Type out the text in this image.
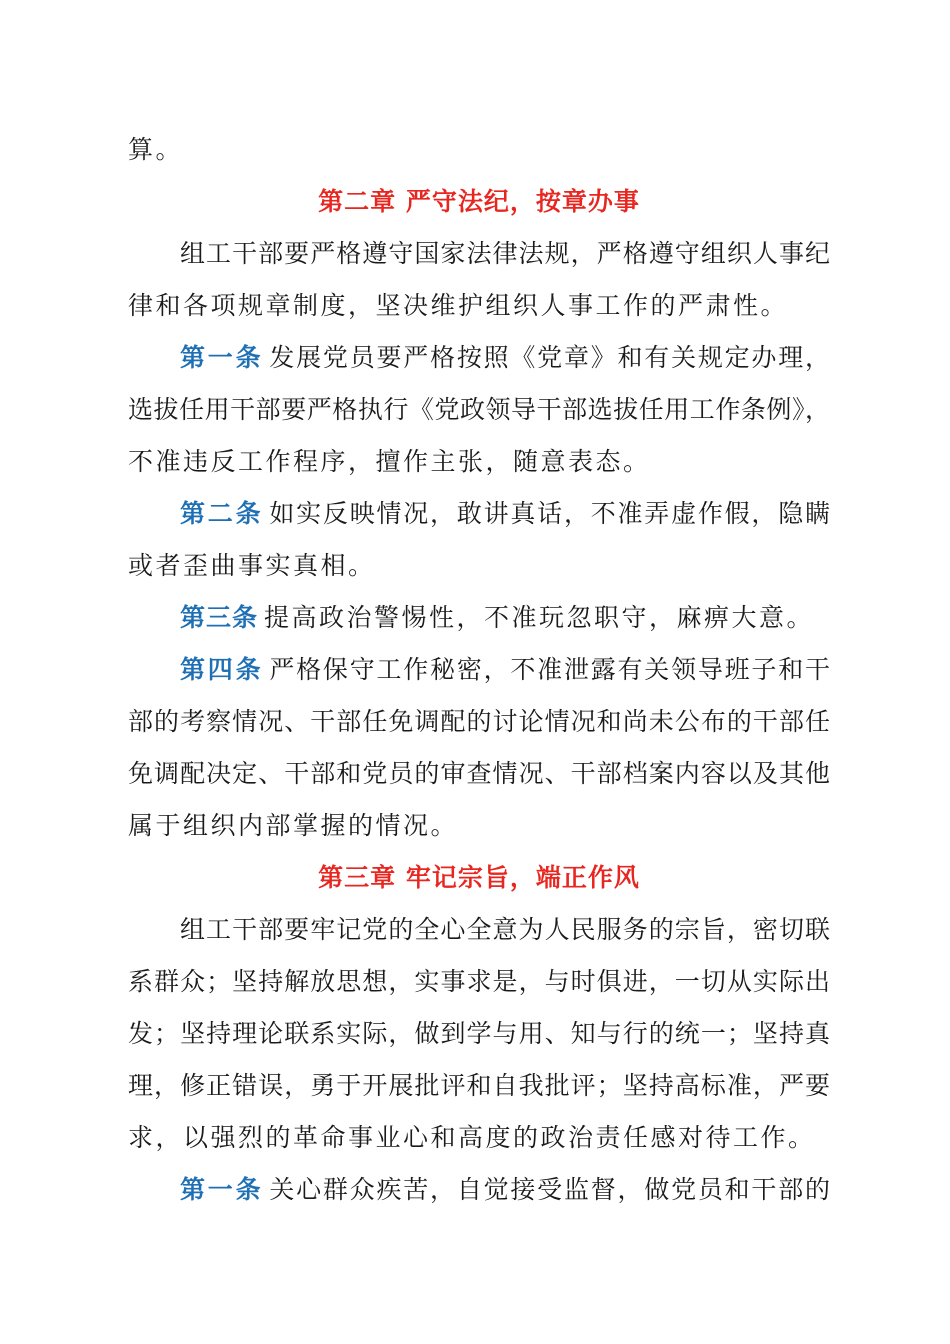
算。
第二章 严守法纪，按章办事
组工干部要严格遵守国家法律法规，严格遵守组织人事纪
律和各项规章制度，坚决维护组织人事工作的严肃性。
第一条 发展党员要严格按照《党章》和有关规定办理，
选拔任用干部要严格执行《党政领导干部选拔任用工作条例》，
不准违反工作程序，擅作主张，随意表态。
第二条 如实反映情况，敢讲真话，不准弄虚作假，隐瞒
或者歪曲事实真相。
第三条 提高政治警惕性，不准玩忽职守，麻痹大意。
第四条 严格保守工作秘密，不准泄露有关领导班子和干
部的考察情况、干部任免调配的讨论情况和尚未公布的干部任
免调配决定、干部和党员的审查情况、干部档案内容以及其他
属于组织内部掌握的情况。
第三章 牢记宗旨，端正作风
组工干部要牢记党的全心全意为人民服务的宗旨，密切联
系群众；坚持解放思想，实事求是，与时俱进，一切从实际出
发；坚持理论联系实际，做到学与用、知与行的统一；坚持真
理，修正错误，勇于开展批评和自我批评；坚持高标准，严要
求，以强烈的革命事业心和高度的政治责任感对待工作。
第一条 关心群众疾苦，自觉接受监督，做党员和干部的
